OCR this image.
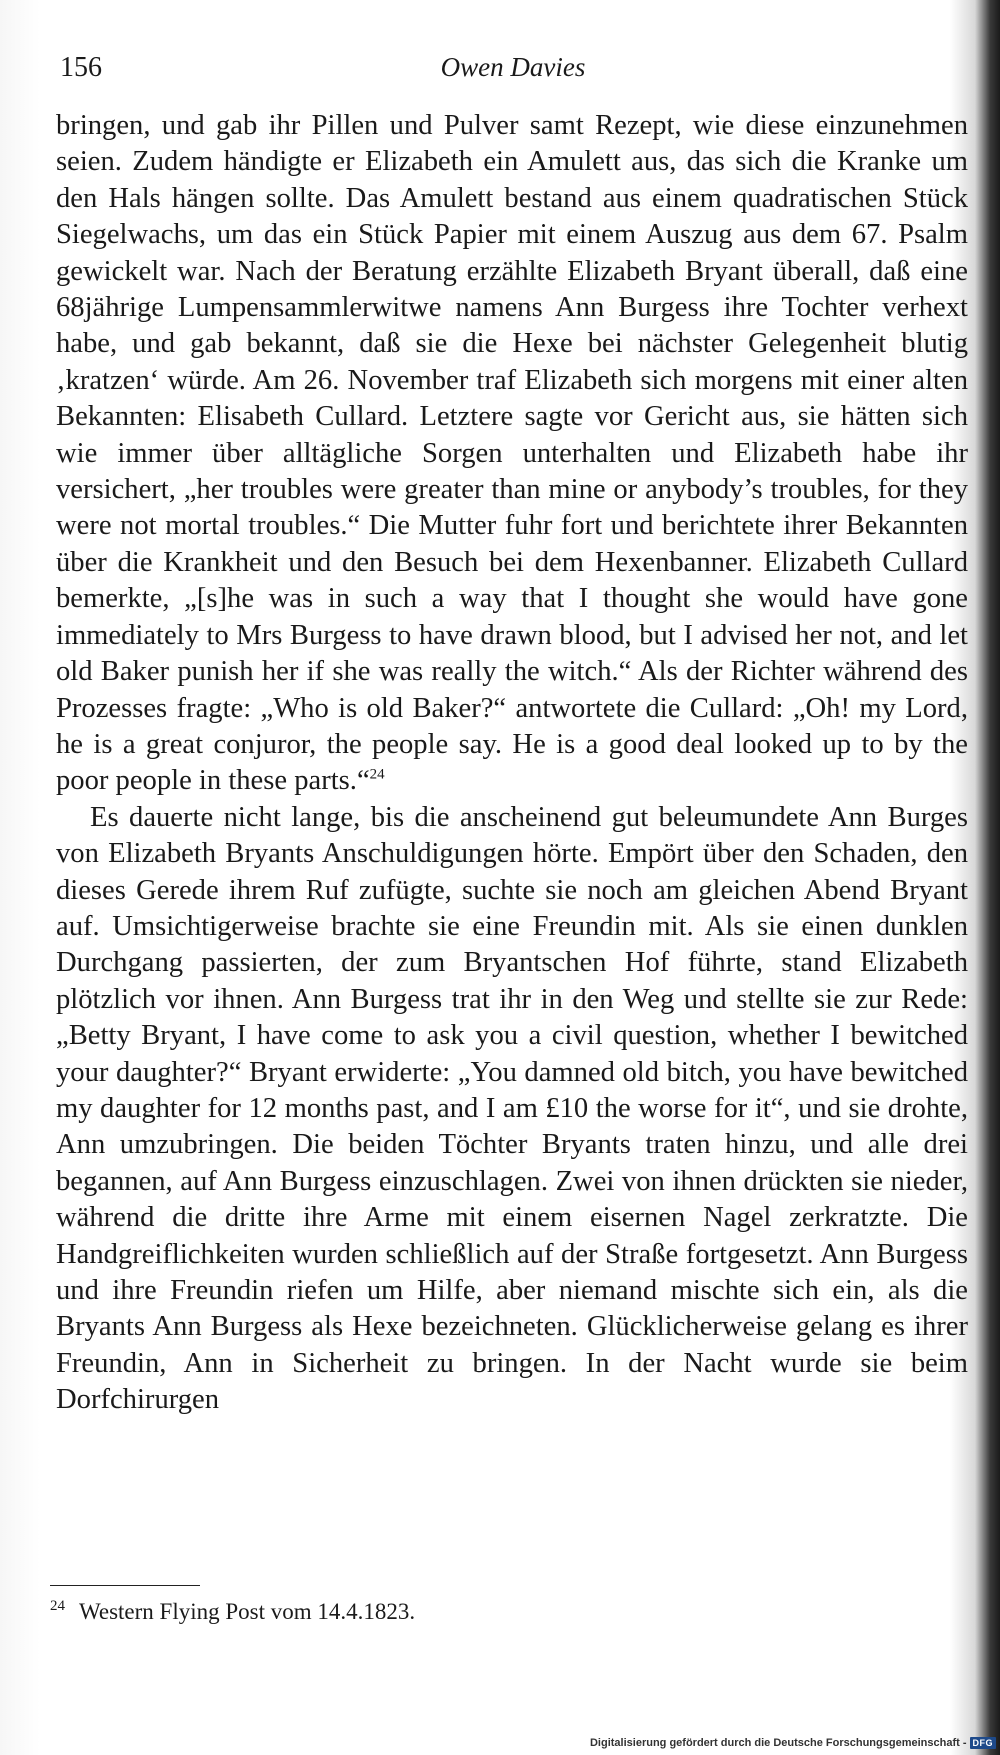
156	Owen Davies

bringen, und gab ihr Pillen und Pulver samt Rezept, wie diese einzunehmen seien. Zudem händigte er Elizabeth ein Amulett aus, das sich die Kranke um den Hals hängen sollte. Das Amulett bestand aus einem quadratischen Stück Siegelwachs, um das ein Stück Papier mit einem Auszug aus dem 67. Psalm gewickelt war. Nach der Beratung erzählte Elizabeth Bryant überall, daß eine 68jährige Lumpensammlerwitwe namens Ann Burgess ihre Tochter verhext habe, und gab bekannt, daß sie die Hexe bei nächster Gelegenheit blutig ‚kratzen‘ würde. Am 26. November traf Elizabeth sich morgens mit einer alten Bekannten: Elisabeth Cullard. Letztere sagte vor Gericht aus, sie hätten sich wie immer über alltägliche Sorgen unterhalten und Elizabeth habe ihr versichert, „her troubles were greater than mine or anybody’s troubles, for they were not mortal troubles.“ Die Mutter fuhr fort und berichtete ihrer Bekannten über die Krankheit und den Besuch bei dem Hexenbanner. Elizabeth Cullard bemerkte, „[s]he was in such a way that I thought she would have gone immediately to Mrs Burgess to have drawn blood, but I advised her not, and let old Baker punish her if she was really the witch.“ Als der Richter während des Prozesses fragte: „Who is old Baker?“ antwortete die Cullard: „Oh! my Lord, he is a great conjuror, the people say. He is a good deal looked up to by the poor people in these parts.“$^{24}$

Es dauerte nicht lange, bis die anscheinend gut beleumundete Ann Burges von Elizabeth Bryants Anschuldigungen hörte. Empört über den Schaden, den dieses Gerede ihrem Ruf zufügte, suchte sie noch am gleichen Abend Bryant auf. Umsichtigerweise brachte sie eine Freundin mit. Als sie einen dunklen Durchgang passierten, der zum Bryantschen Hof führte, stand Elizabeth plötzlich vor ihnen. Ann Burgess trat ihr in den Weg und stellte sie zur Rede: „Betty Bryant, I have come to ask you a civil question, whether I bewitched your daughter?“ Bryant erwiderte: „You damned old bitch, you have bewitched my daughter for 12 months past, and I am £10 the worse for it“, und sie drohte, Ann umzubringen. Die beiden Töchter Bryants traten hinzu, und alle drei begannen, auf Ann Burgess einzuschlagen. Zwei von ihnen drückten sie nieder, während die dritte ihre Arme mit einem eisernen Nagel zerkratzte. Die Handgreiflichkeiten wurden schließlich auf der Straße fortgesetzt. Ann Burgess und ihre Freundin riefen um Hilfe, aber niemand mischte sich ein, als die Bryants Ann Burgess als Hexe bezeichneten. Glücklicherweise gelang es ihrer Freundin, Ann in Sicherheit zu bringen. In der Nacht wurde sie beim Dorfchirurgen

$^{24}$ Western Flying Post vom 14.4.1823.
Digitalisierung gefördert durch die Deutsche Forschungsgemeinschaft - DFG
